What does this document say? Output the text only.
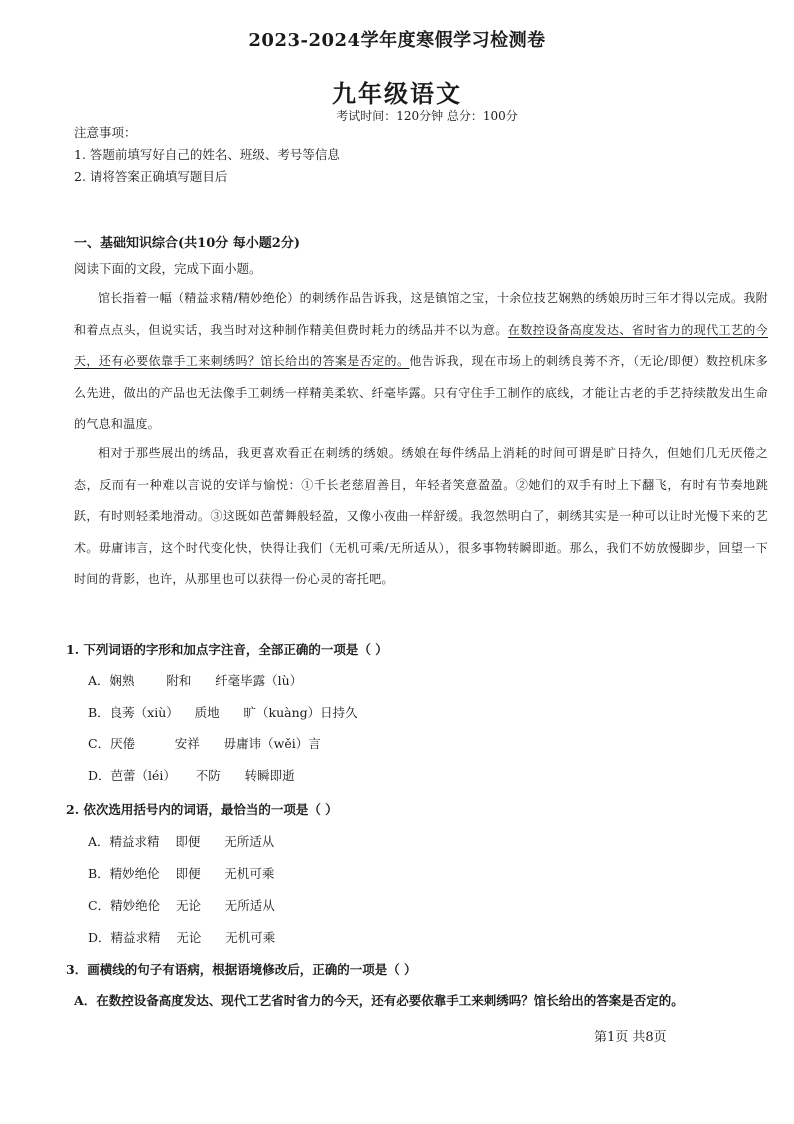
2023-2024学年度寒假学习检测卷
九年级语文
考试时间：120分钟 总分：100分
注意事项：
1. 答题前填写好自己的姓名、班级、考号等信息
2. 请将答案正确填写题目后
一、基础知识综合(共10分 每小题2分)
阅读下面的文段，完成下面小题。
馆长指着一幅（精益求精/精妙绝伦）的刺绣作品告诉我，这是镇馆之宝，十余位技艺娴熟的绣娘历时三年才得以完成。我附和着点点头，但说实话，我当时对这种制作精美但费时耗力的绣品并不以为意。在数控设备高度发达、省时省力的现代工艺的今天，还有必要依靠手工来刺绣吗？馆长给出的答案是否定的。他告诉我，现在市场上的刺绣良莠不齐，（无论/即便）数控机床多么先进，做出的产品也无法像手工刺绣一样精美柔软、纤毫毕露。只有守住手工制作的底线，才能让古老的手艺持续散发出生命的气息和温度。
相对于那些展出的绣品，我更喜欢看正在刺绣的绣娘。绣娘在每件绣品上消耗的时间可谓是旷日持久，但她们几无厌倦之态，反而有一种难以言说的安详与愉悦：①千长老慈眉善目，年轻者笑意盈盈。②她们的双手有时上下翻飞，有时有节奏地跳跃，有时则轻柔地滑动。③这既如芭蕾舞般轻盈，又像小夜曲一样舒缓。我忽然明白了，刺绣其实是一种可以让时光慢下来的艺术。毋庸讳言，这个时代变化快，快得让我们（无机可乘/无所适从），很多事物转瞬即逝。那么，我们不妨放慢脚步，回望一下时间的背影，也许，从那里也可以获得一份心灵的寄托吧。
1. 下列词语的字形和加点字注音，全部正确的一项是（ ）
A．娴熟        附和      纤毫毕露（lù）
B．良莠（xiù）    质地      旷（kuàng）日持久
C．厌倦          安祥      毋庸讳（wěi）言
D．芭蕾（léi）     不防      转瞬即逝
2. 依次选用括号内的词语，最恰当的一项是（ ）
A．精益求精    即便      无所适从
B．精妙绝伦    即便      无机可乘
C．精妙绝伦    无论      无所适从
D．精益求精    无论      无机可乘
3．画横线的句子有语病，根据语境修改后，正确的一项是（ ）
A．在数控设备高度发达、现代工艺省时省力的今天，还有必要依靠手工来刺绣吗？馆长给出的答案是否定的。
第1页 共8页
